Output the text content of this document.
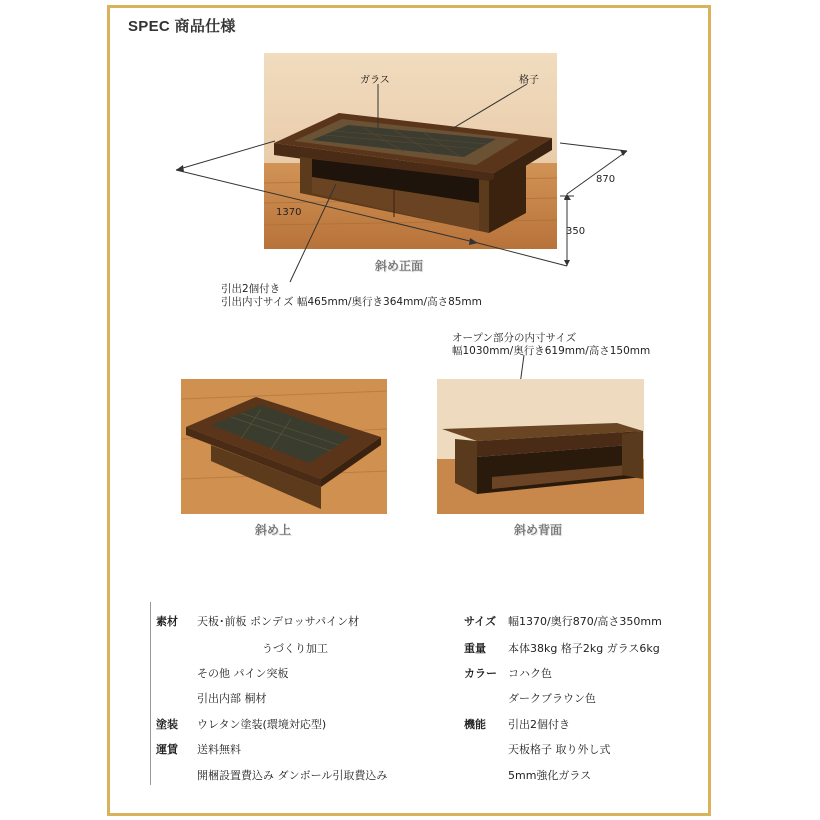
SPEC 商品仕様
斜め正面
ガラス	格子
1370
870
350
引出2個付き
引出内寸サイズ 幅465mm/奥行き364mm/高さ85mm
斜め上	斜め背面
オープン部分の内寸サイズ
幅1030mm/奥行き619mm/高さ150mm
素材 天板･前板 ポンデロッサパイン材
うづくり加工
その他 パイン突板
引出内部 桐材
塗装 ウレタン塗装(環境対応型)
運賃 送料無料
開梱設置費込み ダンボール引取費込み
サイズ 幅1370/奥行870/高さ350mm
重量 本体38kg 格子2kg ガラス6kg
カラー コハク色
ダークブラウン色
機能 引出2個付き
天板格子 取り外し式
5mm強化ガラス
